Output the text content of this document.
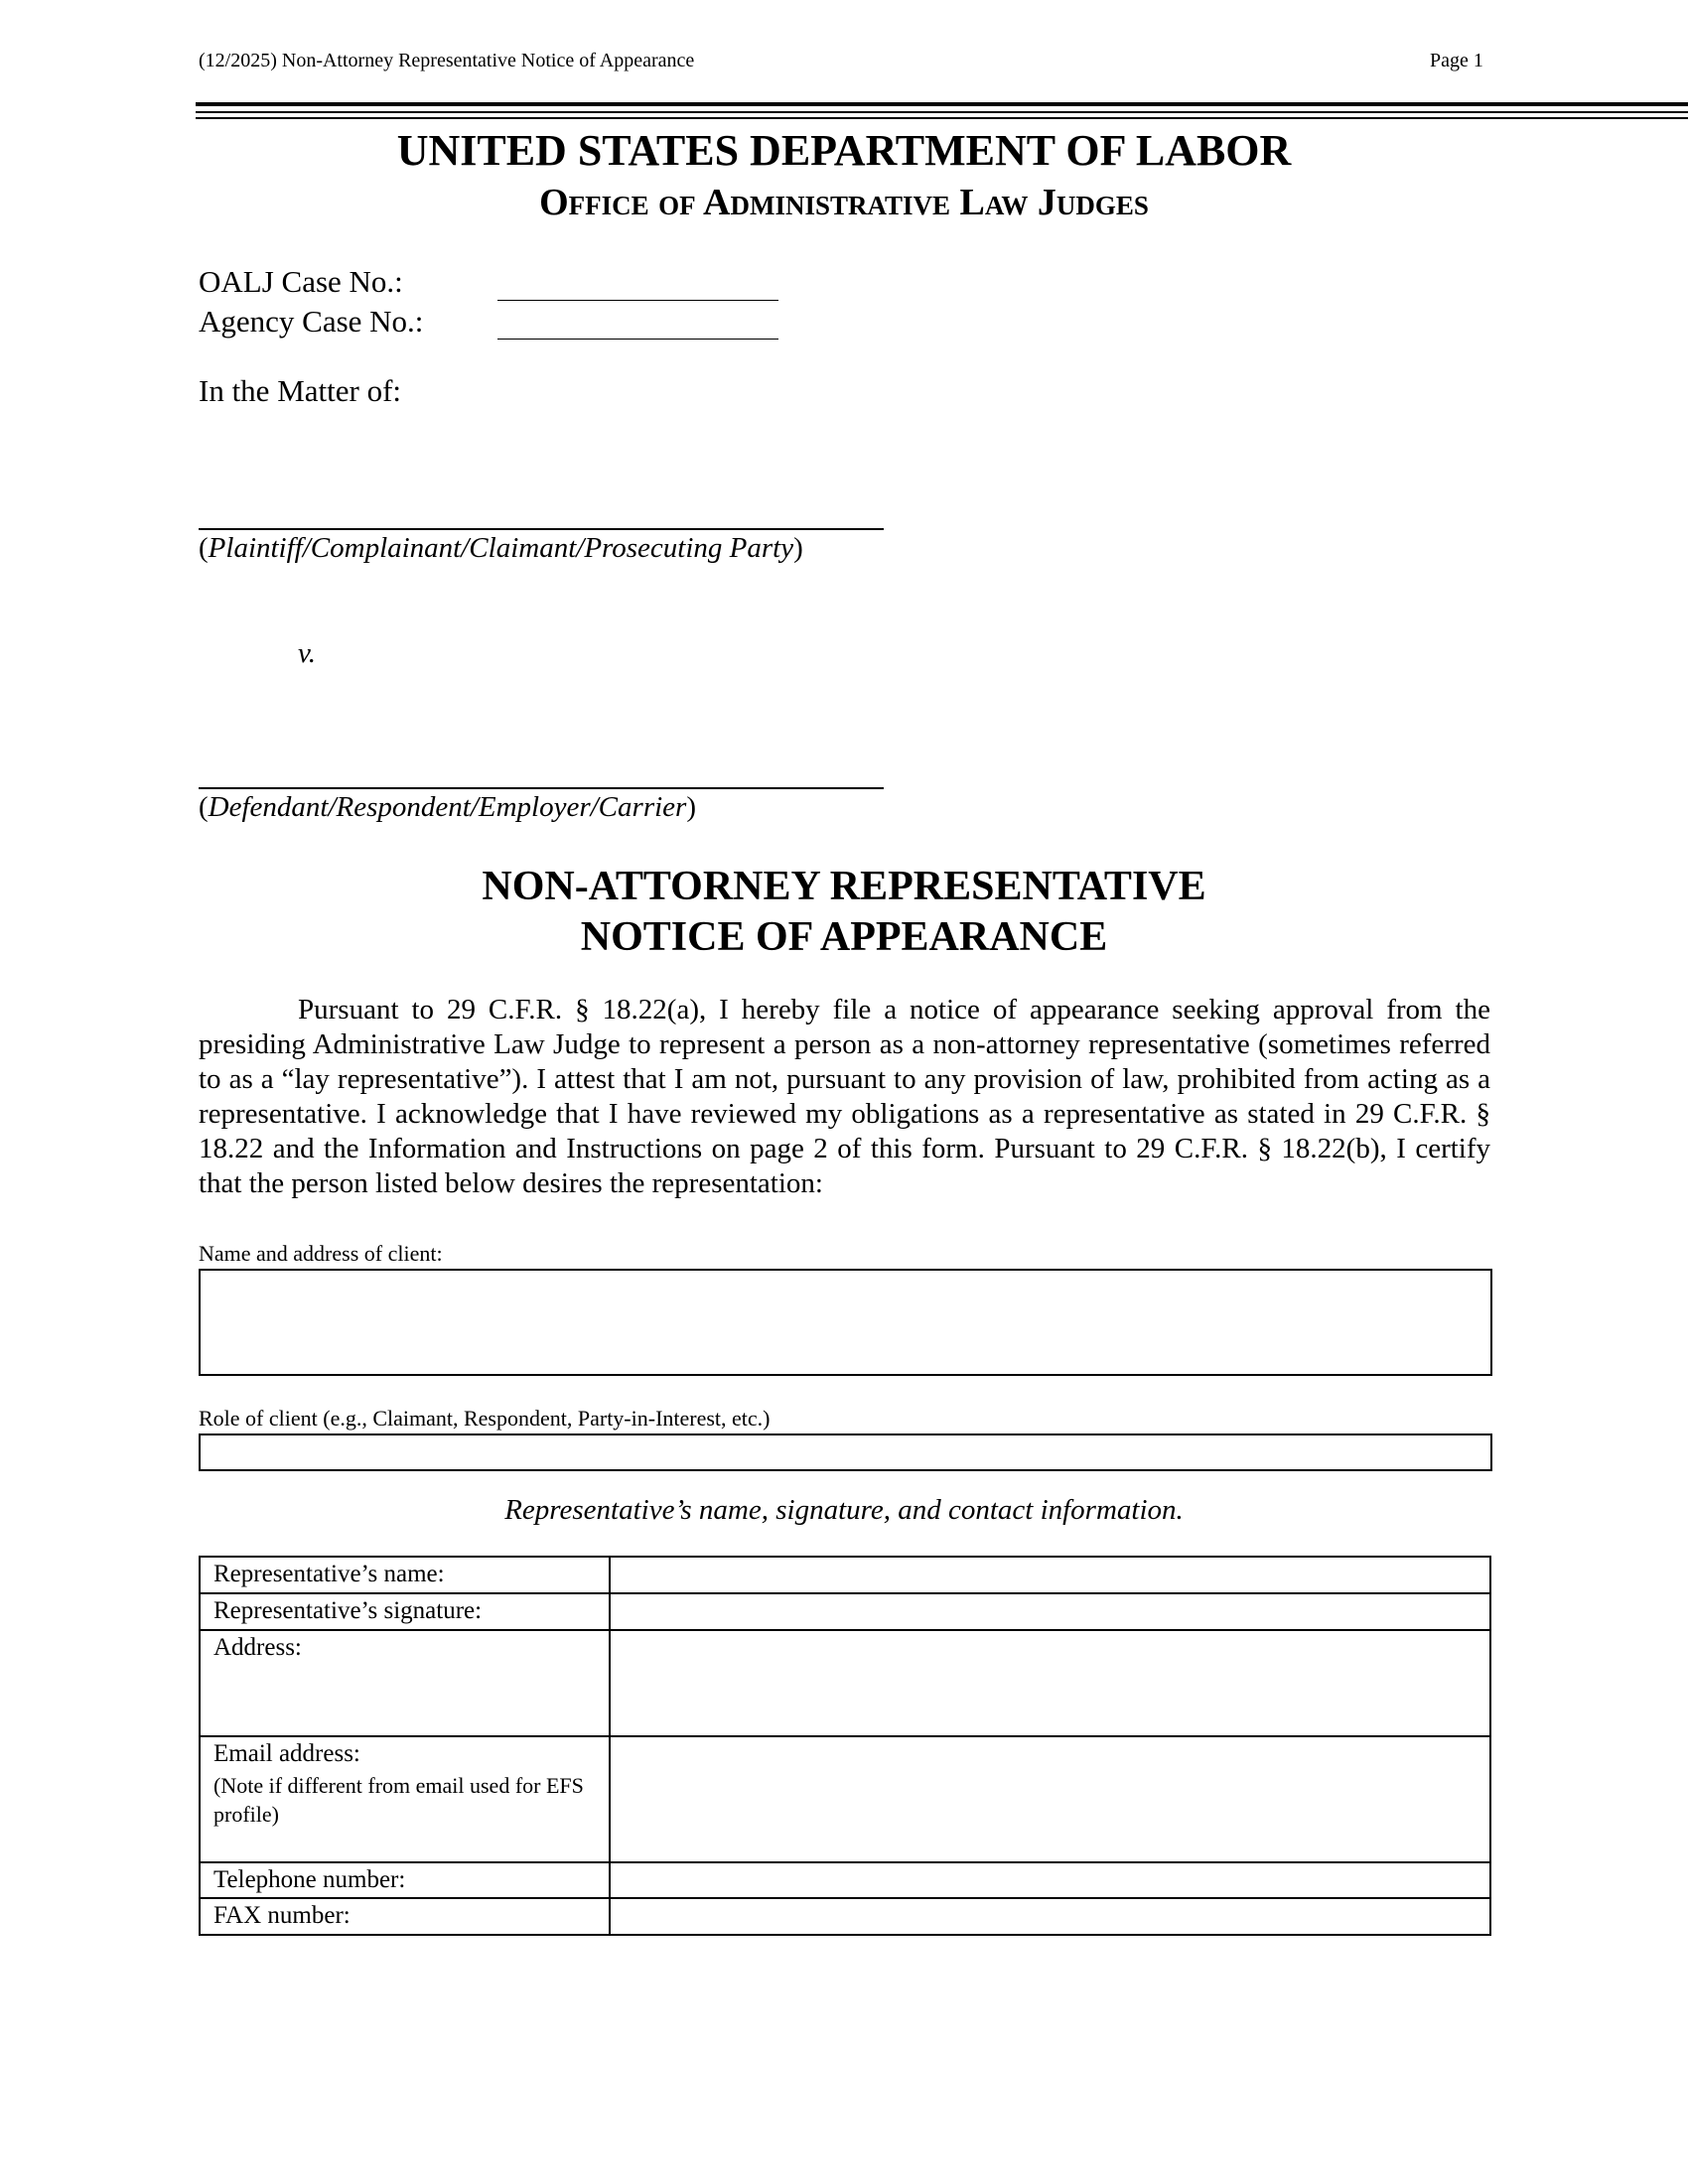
(12/2025) Non-Attorney Representative Notice of Appearance	Page 1
UNITED STATES DEPARTMENT OF LABOR
Office of Administrative Law Judges
OALJ Case No.:
Agency Case No.:
In the Matter of:
(Plaintiff/Complainant/Claimant/Prosecuting Party)
v.
(Defendant/Respondent/Employer/Carrier)
NON-ATTORNEY REPRESENTATIVE
NOTICE OF APPEARANCE
Pursuant to 29 C.F.R. § 18.22(a), I hereby file a notice of appearance seeking approval from the presiding Administrative Law Judge to represent a person as a non-attorney representative (sometimes referred to as a “lay representative”). I attest that I am not, pursuant to any provision of law, prohibited from acting as a representative. I acknowledge that I have reviewed my obligations as a representative as stated in 29 C.F.R. § 18.22 and the Information and Instructions on page 2 of this form. Pursuant to 29 C.F.R. § 18.22(b), I certify that the person listed below desires the representation:
Name and address of client:
Role of client (e.g., Claimant, Respondent, Party-in-Interest, etc.)
Representative’s name, signature, and contact information.
Representative’s name:	
Representative’s signature:	
Address:	
Email address:
(Note if different from email used for EFS profile)	

Telephone number:	
FAX number:	
